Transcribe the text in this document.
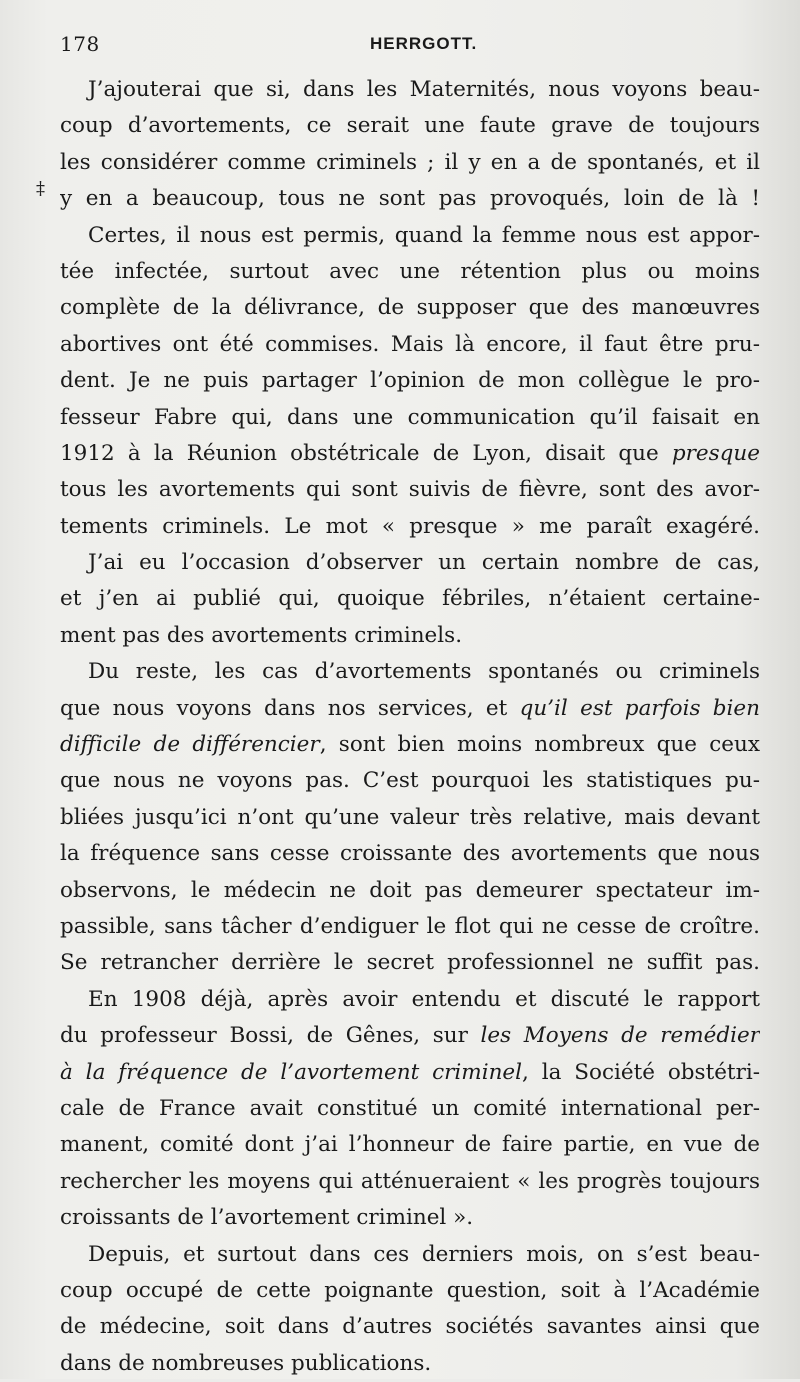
178	HERRGOTT.
‡
J’ajouterai que si, dans les Maternités, nous voyons beau-
coup d’avortements, ce serait une faute grave de toujours
les considérer comme criminels ; il y en a de spontanés, et il
y en a beaucoup, tous ne sont pas provoqués, loin de là !
Certes, il nous est permis, quand la femme nous est appor-
tée infectée, surtout avec une rétention plus ou moins
complète de la délivrance, de supposer que des manœuvres
abortives ont été commises. Mais là encore, il faut être pru-
dent. Je ne puis partager l’opinion de mon collègue le pro-
fesseur Fabre qui, dans une communication qu’il faisait en
1912 à la Réunion obstétricale de Lyon, disait que presque
tous les avortements qui sont suivis de fièvre, sont des avor-
tements criminels. Le mot « presque » me paraît exagéré.
J’ai eu l’occasion d’observer un certain nombre de cas,
et j’en ai publié qui, quoique fébriles, n’étaient certaine-
ment pas des avortements criminels.
Du reste, les cas d’avortements spontanés ou criminels
que nous voyons dans nos services, et qu’il est parfois bien
difficile de différencier, sont bien moins nombreux que ceux
que nous ne voyons pas. C’est pourquoi les statistiques pu-
bliées jusqu’ici n’ont qu’une valeur très relative, mais devant
la fréquence sans cesse croissante des avortements que nous
observons, le médecin ne doit pas demeurer spectateur im-
passible, sans tâcher d’endiguer le flot qui ne cesse de croître.
Se retrancher derrière le secret professionnel ne suffit pas.
En 1908 déjà, après avoir entendu et discuté le rapport
du professeur Bossi, de Gênes, sur les Moyens de remédier
à la fréquence de l’avortement criminel, la Société obstétri-
cale de France avait constitué un comité international per-
manent, comité dont j’ai l’honneur de faire partie, en vue de
rechercher les moyens qui atténueraient « les progrès toujours
croissants de l’avortement criminel ».
Depuis, et surtout dans ces derniers mois, on s’est beau-
coup occupé de cette poignante question, soit à l’Académie
de médecine, soit dans d’autres sociétés savantes ainsi que
dans de nombreuses publications.
